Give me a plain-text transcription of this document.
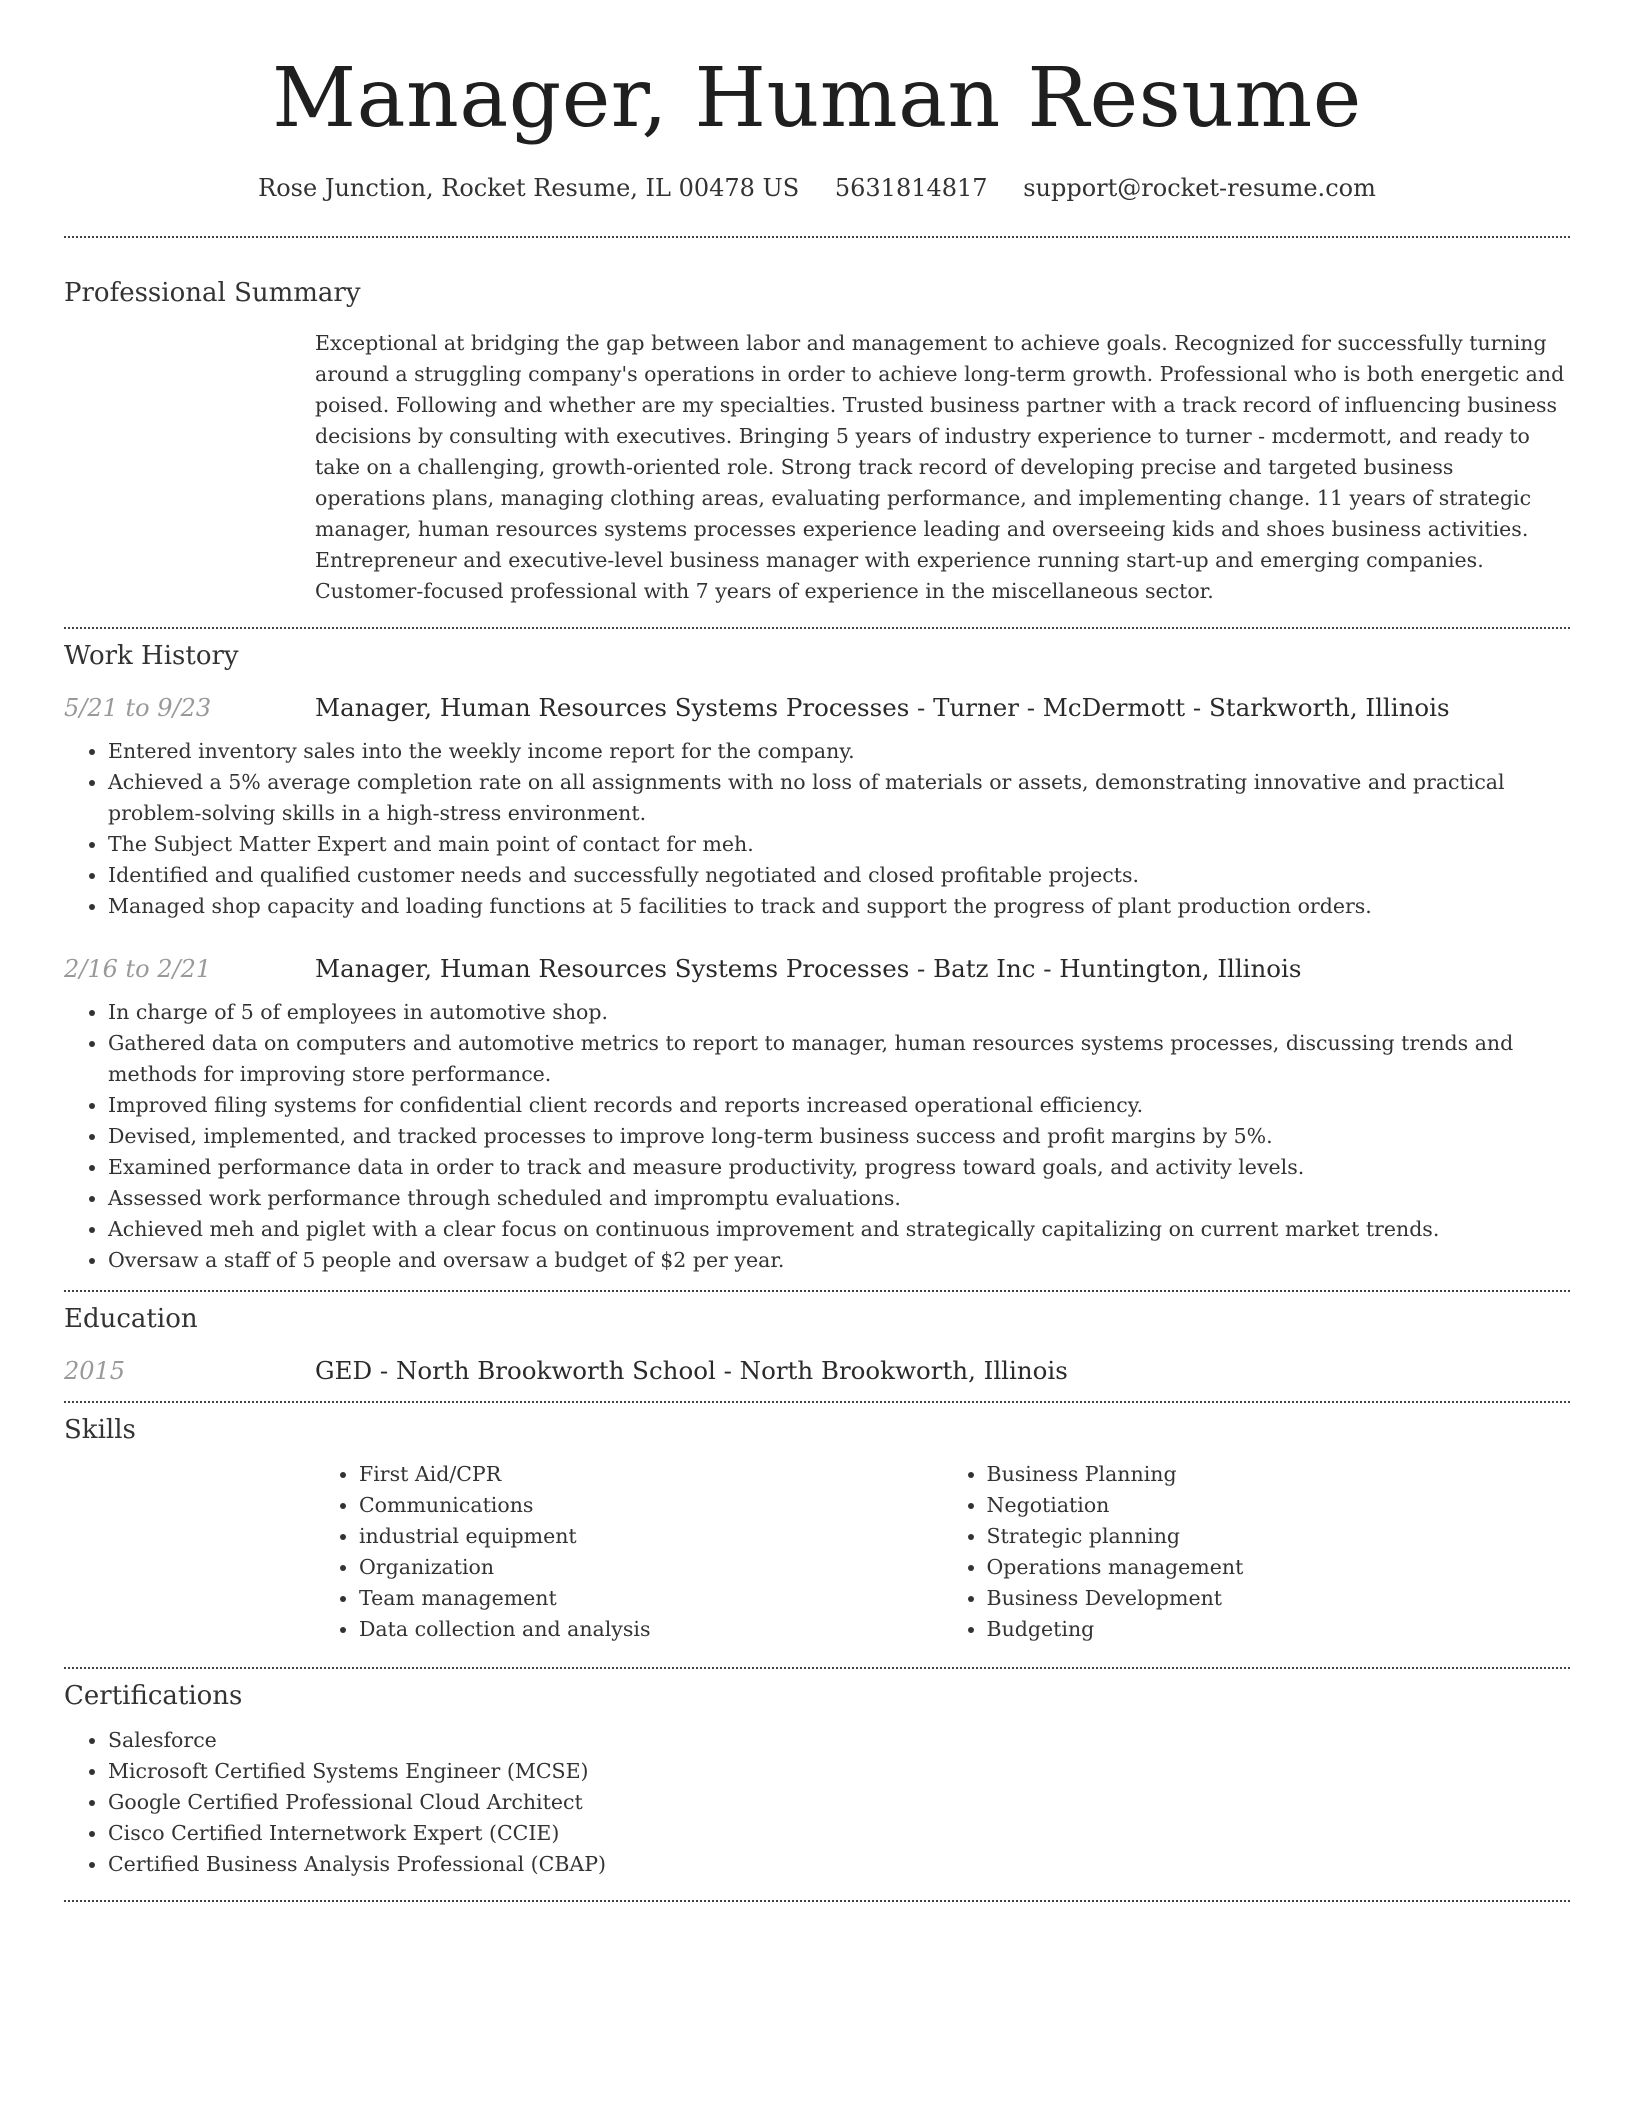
Manager, Human Resume
Rose Junction, Rocket Resume, IL 00478 US 5631814817 support@rocket-resume.com
Professional Summary
Exceptional at bridging the gap between labor and management to achieve goals. Recognized for successfully turning around a struggling company's operations in order to achieve long-term growth. Professional who is both energetic and poised. Following and whether are my specialties. Trusted business partner with a track record of influencing business decisions by consulting with executives. Bringing 5 years of industry experience to turner - mcdermott, and ready to take on a challenging, growth-oriented role. Strong track record of developing precise and targeted business operations plans, managing clothing areas, evaluating performance, and implementing change. 11 years of strategic manager, human resources systems processes experience leading and overseeing kids and shoes business activities. Entrepreneur and executive-level business manager with experience running start-up and emerging companies. Customer-focused professional with 7 years of experience in the miscellaneous sector.
Work History
5/21 to 9/23	Manager, Human Resources Systems Processes - Turner - McDermott - Starkworth, Illinois
• Entered inventory sales into the weekly income report for the company.
• Achieved a 5% average completion rate on all assignments with no loss of materials or assets, demonstrating innovative and practical problem-solving skills in a high-stress environment.
• The Subject Matter Expert and main point of contact for meh.
• Identified and qualified customer needs and successfully negotiated and closed profitable projects.
• Managed shop capacity and loading functions at 5 facilities to track and support the progress of plant production orders.
2/16 to 2/21	Manager, Human Resources Systems Processes - Batz Inc - Huntington, Illinois
• In charge of 5 of employees in automotive shop.
• Gathered data on computers and automotive metrics to report to manager, human resources systems processes, discussing trends and methods for improving store performance.
• Improved filing systems for confidential client records and reports increased operational efficiency.
• Devised, implemented, and tracked processes to improve long-term business success and profit margins by 5%.
• Examined performance data in order to track and measure productivity, progress toward goals, and activity levels.
• Assessed work performance through scheduled and impromptu evaluations.
• Achieved meh and piglet with a clear focus on continuous improvement and strategically capitalizing on current market trends.
• Oversaw a staff of 5 people and oversaw a budget of $2 per year.
Education
2015	GED - North Brookworth School - North Brookworth, Illinois
Skills
• First Aid/CPR
• Communications
• industrial equipment
• Organization
• Team management
• Data collection and analysis
• Business Planning
• Negotiation
• Strategic planning
• Operations management
• Business Development
• Budgeting
Certifications
• Salesforce
• Microsoft Certified Systems Engineer (MCSE)
• Google Certified Professional Cloud Architect
• Cisco Certified Internetwork Expert (CCIE)
• Certified Business Analysis Professional (CBAP)
